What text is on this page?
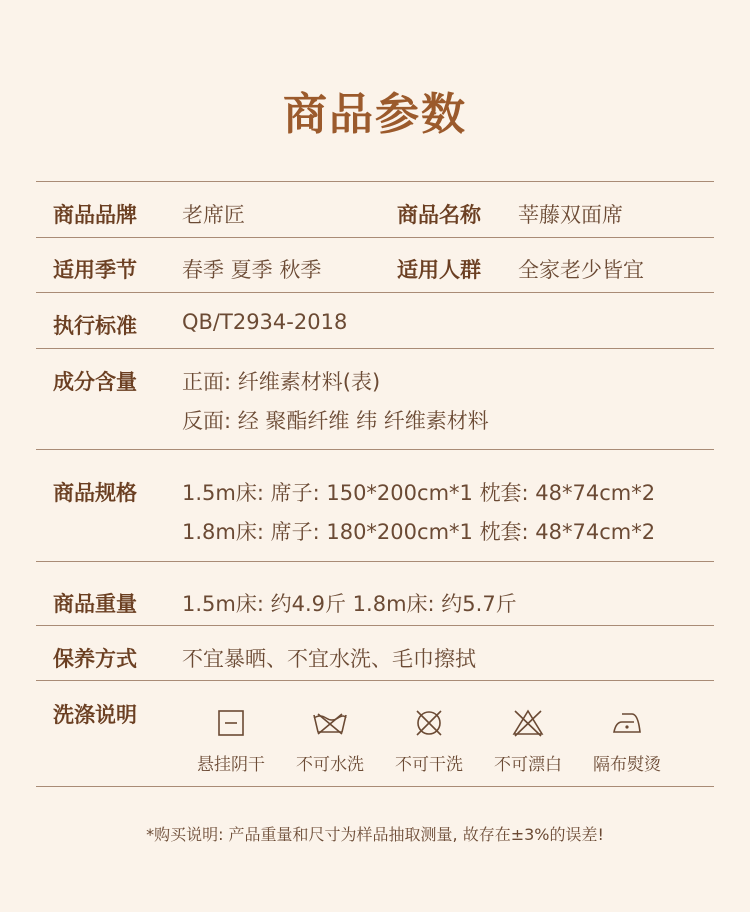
商品参数
商品品牌 老席匠	商品名称 莘藤双面席
适用季节 春季 夏季 秋季	适用人群 全家老少皆宜
执行标准 QB/T2934-2018
成分含量 正面: 纤维素材料(表)
反面: 经 聚酯纤维 纬 纤维素材料
商品规格 1.5m床: 席子: 150*200cm*1 枕套: 48*74cm*2
1.8m床: 席子: 180*200cm*1 枕套: 48*74cm*2
商品重量 1.5m床: 约4.9斤 1.8m床: 约5.7斤
保养方式 不宜暴晒、不宜水洗、毛巾擦拭
洗涤说明
悬挂阴干	不可水洗	不可干洗	不可漂白	隔布熨烫
*购买说明: 产品重量和尺寸为样品抽取测量, 故存在±3%的误差!
